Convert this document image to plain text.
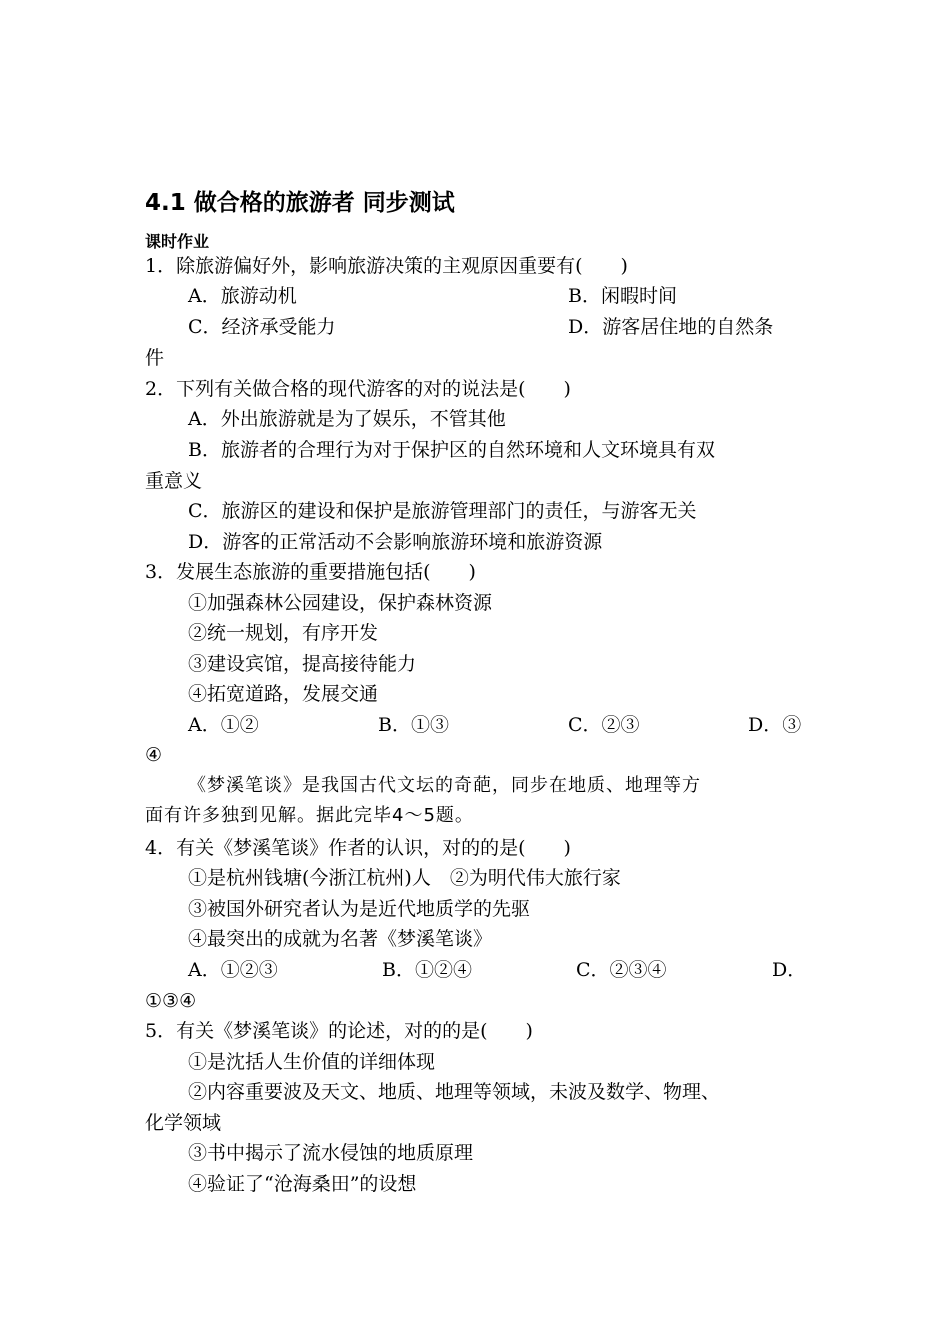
4.1 做合格的旅游者 同步测试
课时作业
1．除旅游偏好外，影响旅游决策的主观原因重要有(　　)
A．旅游动机	B．闲暇时间
C．经济承受能力	D．游客居住地的自然条
件
2．下列有关做合格的现代游客的对的说法是(　　)
A．外出旅游就是为了娱乐，不管其他
B．旅游者的合理行为对于保护区的自然环境和人文环境具有双
重意义
C．旅游区的建设和保护是旅游管理部门的责任，与游客无关
D．游客的正常活动不会影响旅游环境和旅游资源
3．发展生态旅游的重要措施包括(　　)
①加强森林公园建设，保护森林资源
②统一规划，有序开发
③建设宾馆，提高接待能力
④拓宽道路，发展交通
A．①②	B．①③	C．②③	D．③
④
《梦溪笔谈》是我国古代文坛的奇葩，同步在地质、地理等方
面有许多独到见解。据此完毕4～5题。
4．有关《梦溪笔谈》作者的认识，对的的是(　　)
①是杭州钱塘(今浙江杭州)人　②为明代伟大旅行家
③被国外研究者认为是近代地质学的先驱
④最突出的成就为名著《梦溪笔谈》
A．①②③	B．①②④	C．②③④	D．
①③④
5．有关《梦溪笔谈》的论述，对的的是(　　)
①是沈括人生价值的详细体现
②内容重要波及天文、地质、地理等领域，未波及数学、物理、
化学领域
③书中揭示了流水侵蚀的地质原理
④验证了“沧海桑田”的设想
